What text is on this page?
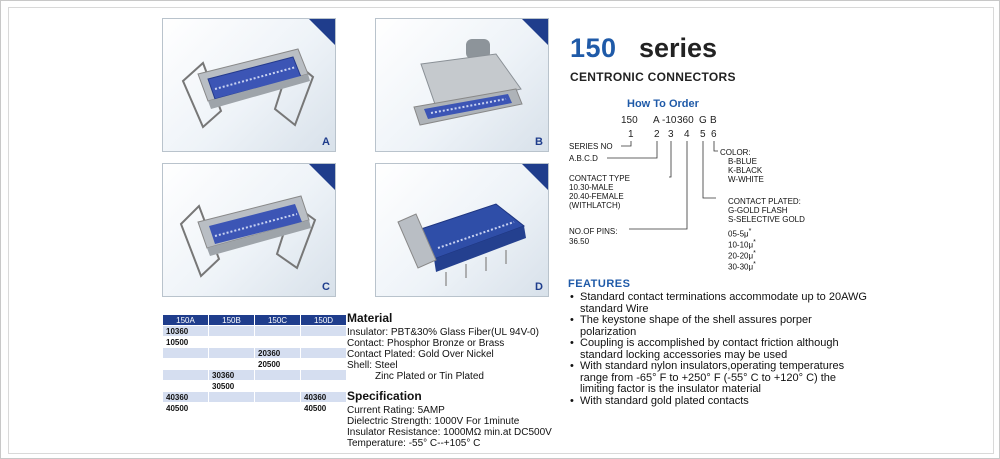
A	B
C	D
150A	150B	150C	150D
10360			
10500			
		20360	
		20500	
	30360		
	30500		
40360			40360
40500			40500
Material
Insulator: PBT&30% Glass Fiber(UL 94V-0)
Contact: Phosphor Bronze or Brass
Contact Plated: Gold Over Nickel
Shell: Steel
Zinc Plated or Tin Plated
Specification
Current Rating: 5AMP
Dielectric Strength: 1000V For 1minute
Insulator Resistance: 1000MΩ min.at DC500V
Temperature: -55° C--+105° C
150 series
CENTRONIC CONNECTORS
How To Order
150 A -10 360 G B
1 2 3 4 5 6
SERIES NO
A.B.C.D
CONTACT TYPE
10.30-MALE
20.40-FEMALE
(WITHLATCH)
NO.OF PINS:
36.50
COLOR:
B-BLUE
K-BLACK
W-WHITE
CONTACT PLATED:
G-GOLD FLASH
S-SELECTIVE GOLD
05-5μ*
10-10μ*
20-20μ*
30-30μ*
FEATURES
• Standard contact terminations accommodate up to 20AWG standard Wire
• The keystone shape of the shell assures porper polarization
• Coupling is accomplished by contact friction although standard locking accessories may be used
• With standard nylon insulators,operating temperatures range from -65° F to +250° F (-55° C to +120° C) the limiting factor is the insulator material
• With standard gold plated contacts
